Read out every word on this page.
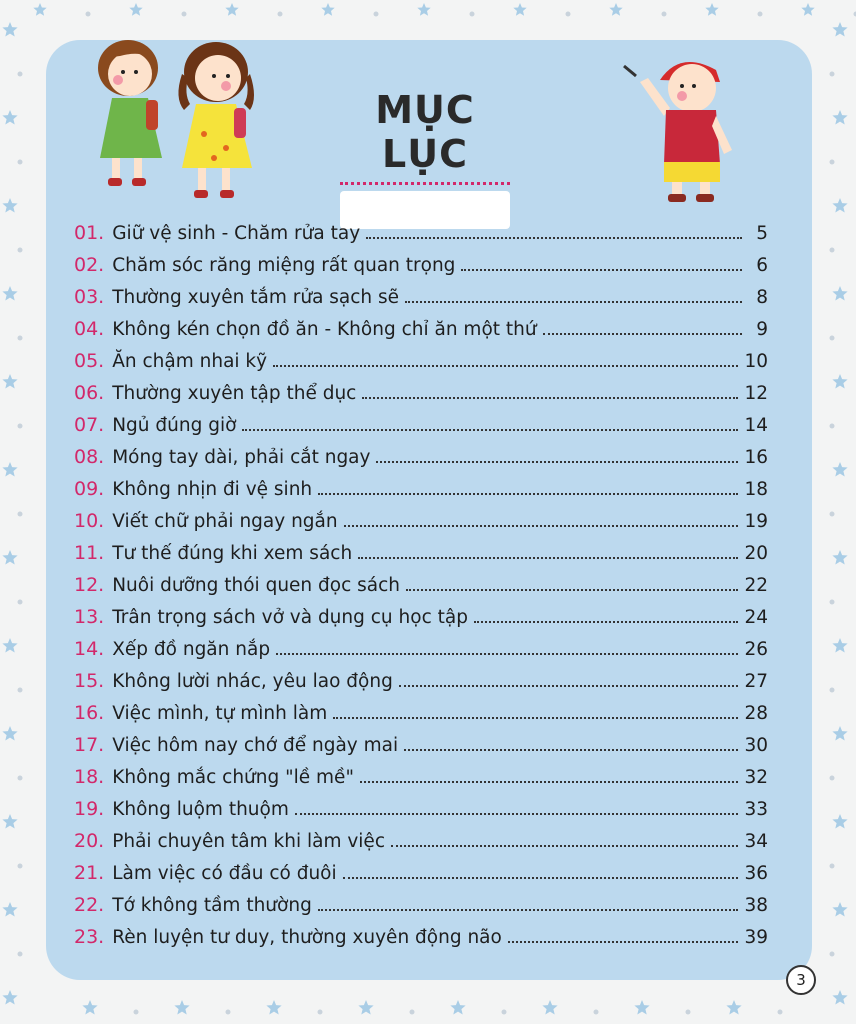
MỤC LỤC
01. Giữ vệ sinh - Chăm rửa tay	5
02. Chăm sóc răng miệng rất quan trọng	6
03. Thường xuyên tắm rửa sạch sẽ	8
04. Không kén chọn đồ ăn - Không chỉ ăn một thứ	9
05. Ăn chậm nhai kỹ	10
06. Thường xuyên tập thể dục	12
07. Ngủ đúng giờ	14
08. Móng tay dài, phải cắt ngay	16
09. Không nhịn đi vệ sinh	18
10. Viết chữ phải ngay ngắn	19
11. Tư thế đúng khi xem sách	20
12. Nuôi dưỡng thói quen đọc sách	22
13. Trân trọng sách vở và dụng cụ học tập	24
14. Xếp đồ ngăn nắp	26
15. Không lười nhác, yêu lao động	27
16. Việc mình, tự mình làm	28
17. Việc hôm nay chớ để ngày mai	30
18. Không mắc chứng "lề mề"	32
19. Không luộm thuộm	33
20. Phải chuyên tâm khi làm việc	34
21. Làm việc có đầu có đuôi	36
22. Tớ không tầm thường	38
23. Rèn luyện tư duy, thường xuyên động não	39
3
